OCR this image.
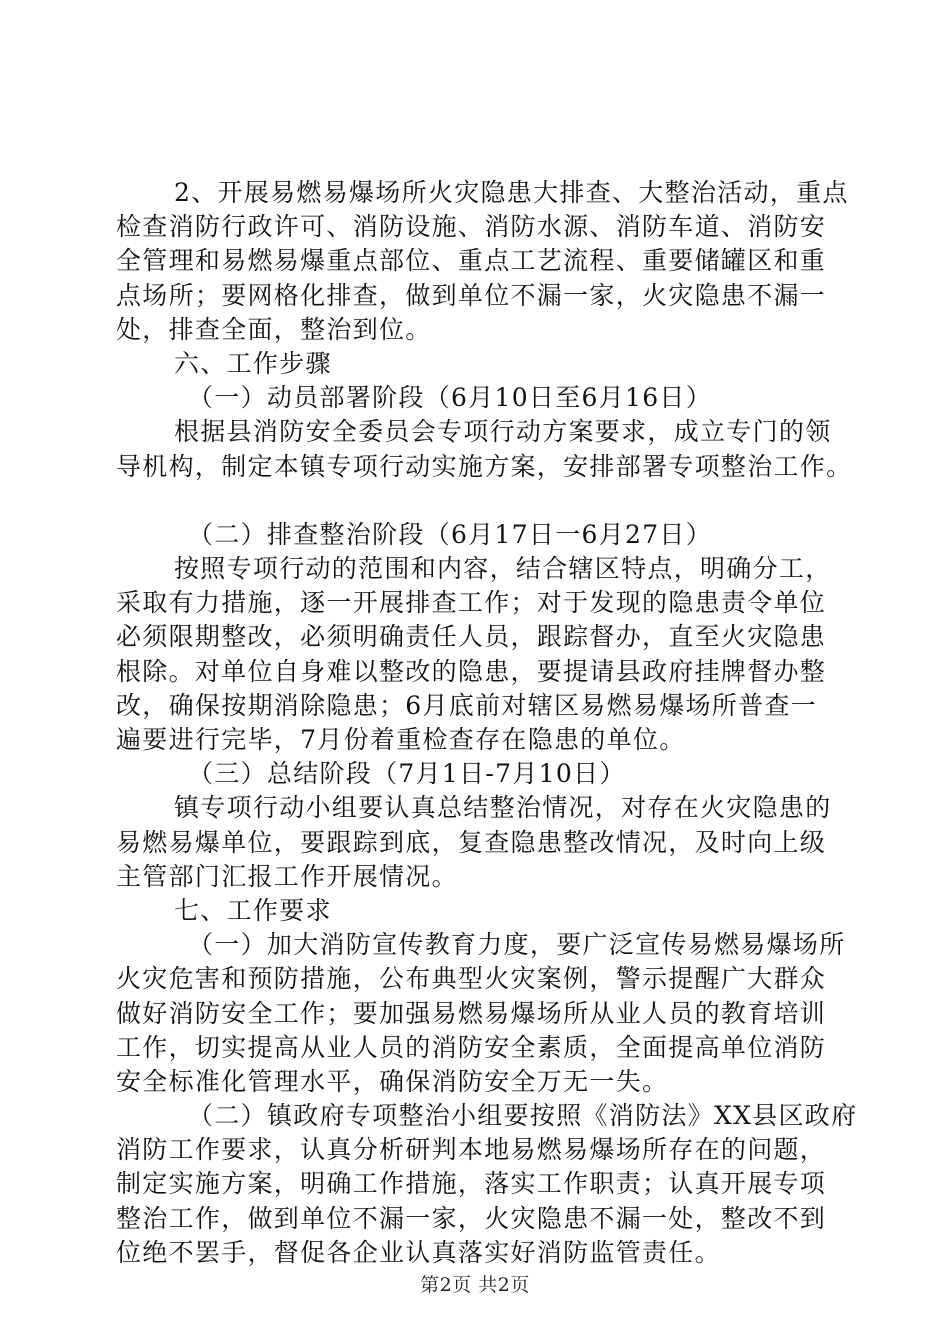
2、开展易燃易爆场所火灾隐患大排查、大整治活动，重点
检查消防行政许可、消防设施、消防水源、消防车道、消防安
全管理和易燃易爆重点部位、重点工艺流程、重要储罐区和重
点场所；要网格化排查，做到单位不漏一家，火灾隐患不漏一
处，排查全面，整治到位。
六、工作步骤
（一）动员部署阶段（6月10日至6月16日）
根据县消防安全委员会专项行动方案要求，成立专门的领
导机构，制定本镇专项行动实施方案，安排部署专项整治工作。
（二）排查整治阶段（6月17日一6月27日）
按照专项行动的范围和内容，结合辖区特点，明确分工，
采取有力措施，逐一开展排查工作；对于发现的隐患责令单位
必须限期整改，必须明确责任人员，跟踪督办，直至火灾隐患
根除。对单位自身难以整改的隐患，要提请县政府挂牌督办整
改，确保按期消除隐患；6月底前对辖区易燃易爆场所普查一
遍要进行完毕，7月份着重检查存在隐患的单位。
（三）总结阶段（7月1日-7月10日）
镇专项行动小组要认真总结整治情况，对存在火灾隐患的
易燃易爆单位，要跟踪到底，复查隐患整改情况，及时向上级
主管部门汇报工作开展情况。
七、工作要求
（一）加大消防宣传教育力度，要广泛宣传易燃易爆场所
火灾危害和预防措施，公布典型火灾案例，警示提醒广大群众
做好消防安全工作；要加强易燃易爆场所从业人员的教育培训
工作，切实提高从业人员的消防安全素质，全面提高单位消防
安全标准化管理水平，确保消防安全万无一失。
（二）镇政府专项整治小组要按照《消防法》XX县区政府
消防工作要求，认真分析研判本地易燃易爆场所存在的问题，
制定实施方案，明确工作措施，落实工作职责；认真开展专项
整治工作，做到单位不漏一家，火灾隐患不漏一处，整改不到
位绝不罢手，督促各企业认真落实好消防监管责任。
第2页 共2页
